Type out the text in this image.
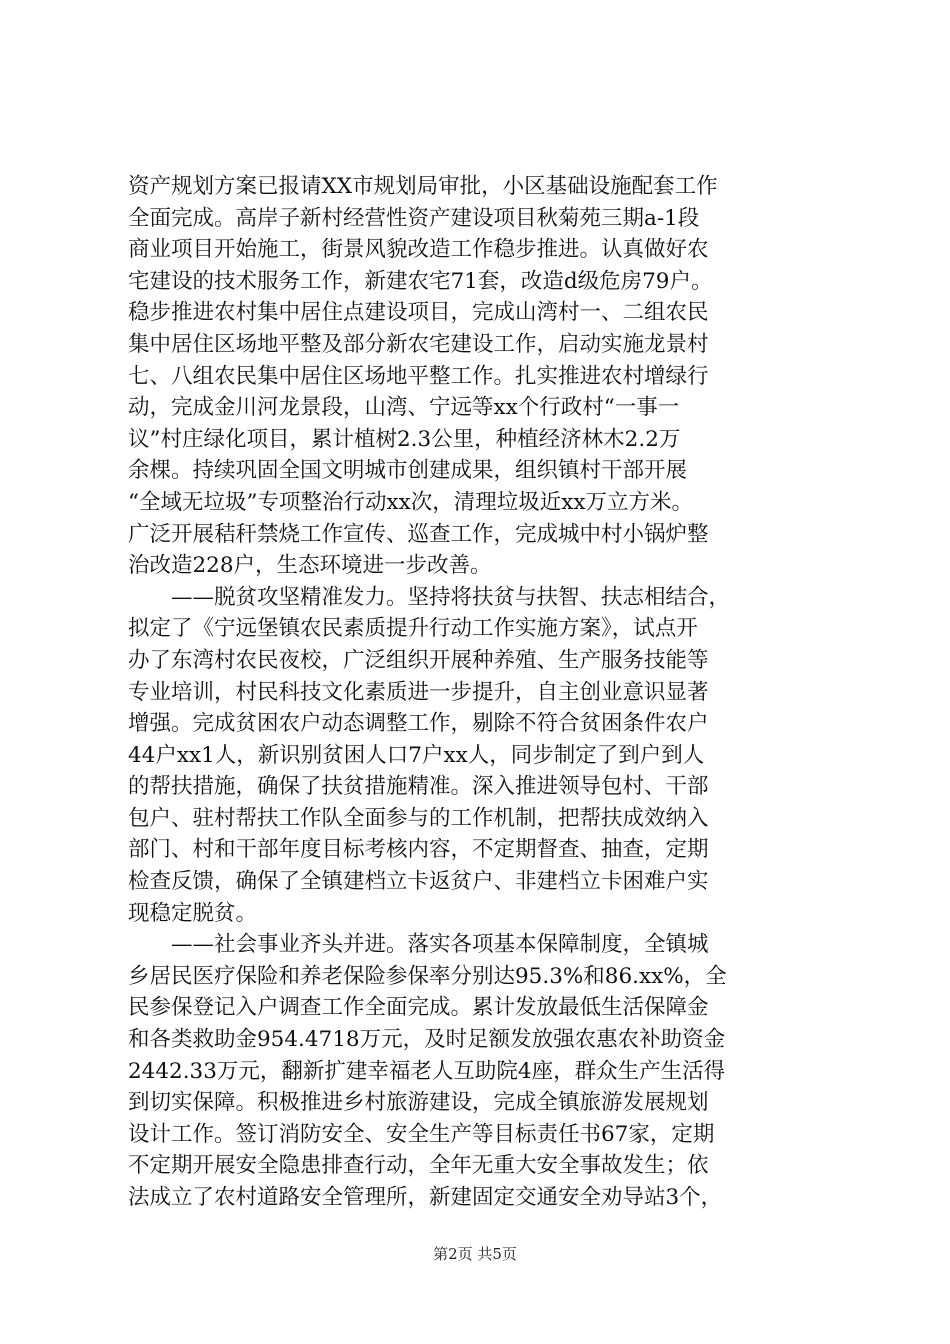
资产规划方案已报请XX市规划局审批，小区基础设施配套工作
全面完成。高岸子新村经营性资产建设项目秋菊苑三期a-1段
商业项目开始施工，街景风貌改造工作稳步推进。认真做好农
宅建设的技术服务工作，新建农宅71套，改造d级危房79户。
稳步推进农村集中居住点建设项目，完成山湾村一、二组农民
集中居住区场地平整及部分新农宅建设工作，启动实施龙景村
七、八组农民集中居住区场地平整工作。扎实推进农村增绿行
动，完成金川河龙景段，山湾、宁远等xx个行政村“一事一
议”村庄绿化项目，累计植树2.3公里，种植经济林木2.2万
余棵。持续巩固全国文明城市创建成果，组织镇村干部开展
“全域无垃圾”专项整治行动xx次，清理垃圾近xx万立方米。
广泛开展秸秆禁烧工作宣传、巡查工作，完成城中村小锅炉整
治改造228户，生态环境进一步改善。
　　——脱贫攻坚精准发力。坚持将扶贫与扶智、扶志相结合，
拟定了《宁远堡镇农民素质提升行动工作实施方案》，试点开
办了东湾村农民夜校，广泛组织开展种养殖、生产服务技能等
专业培训，村民科技文化素质进一步提升，自主创业意识显著
增强。完成贫困农户动态调整工作，剔除不符合贫困条件农户
44户xx1人，新识别贫困人口7户xx人，同步制定了到户到人
的帮扶措施，确保了扶贫措施精准。深入推进领导包村、干部
包户、驻村帮扶工作队全面参与的工作机制，把帮扶成效纳入
部门、村和干部年度目标考核内容，不定期督查、抽查，定期
检查反馈，确保了全镇建档立卡返贫户、非建档立卡困难户实
现稳定脱贫。
　　——社会事业齐头并进。落实各项基本保障制度，全镇城
乡居民医疗保险和养老保险参保率分别达95.3%和86.xx%，全
民参保登记入户调查工作全面完成。累计发放最低生活保障金
和各类救助金954.4718万元，及时足额发放强农惠农补助资金
2442.33万元，翻新扩建幸福老人互助院4座，群众生产生活得
到切实保障。积极推进乡村旅游建设，完成全镇旅游发展规划
设计工作。签订消防安全、安全生产等目标责任书67家，定期
不定期开展安全隐患排查行动，全年无重大安全事故发生；依
法成立了农村道路安全管理所，新建固定交通安全劝导站3个，
第2页 共5页
